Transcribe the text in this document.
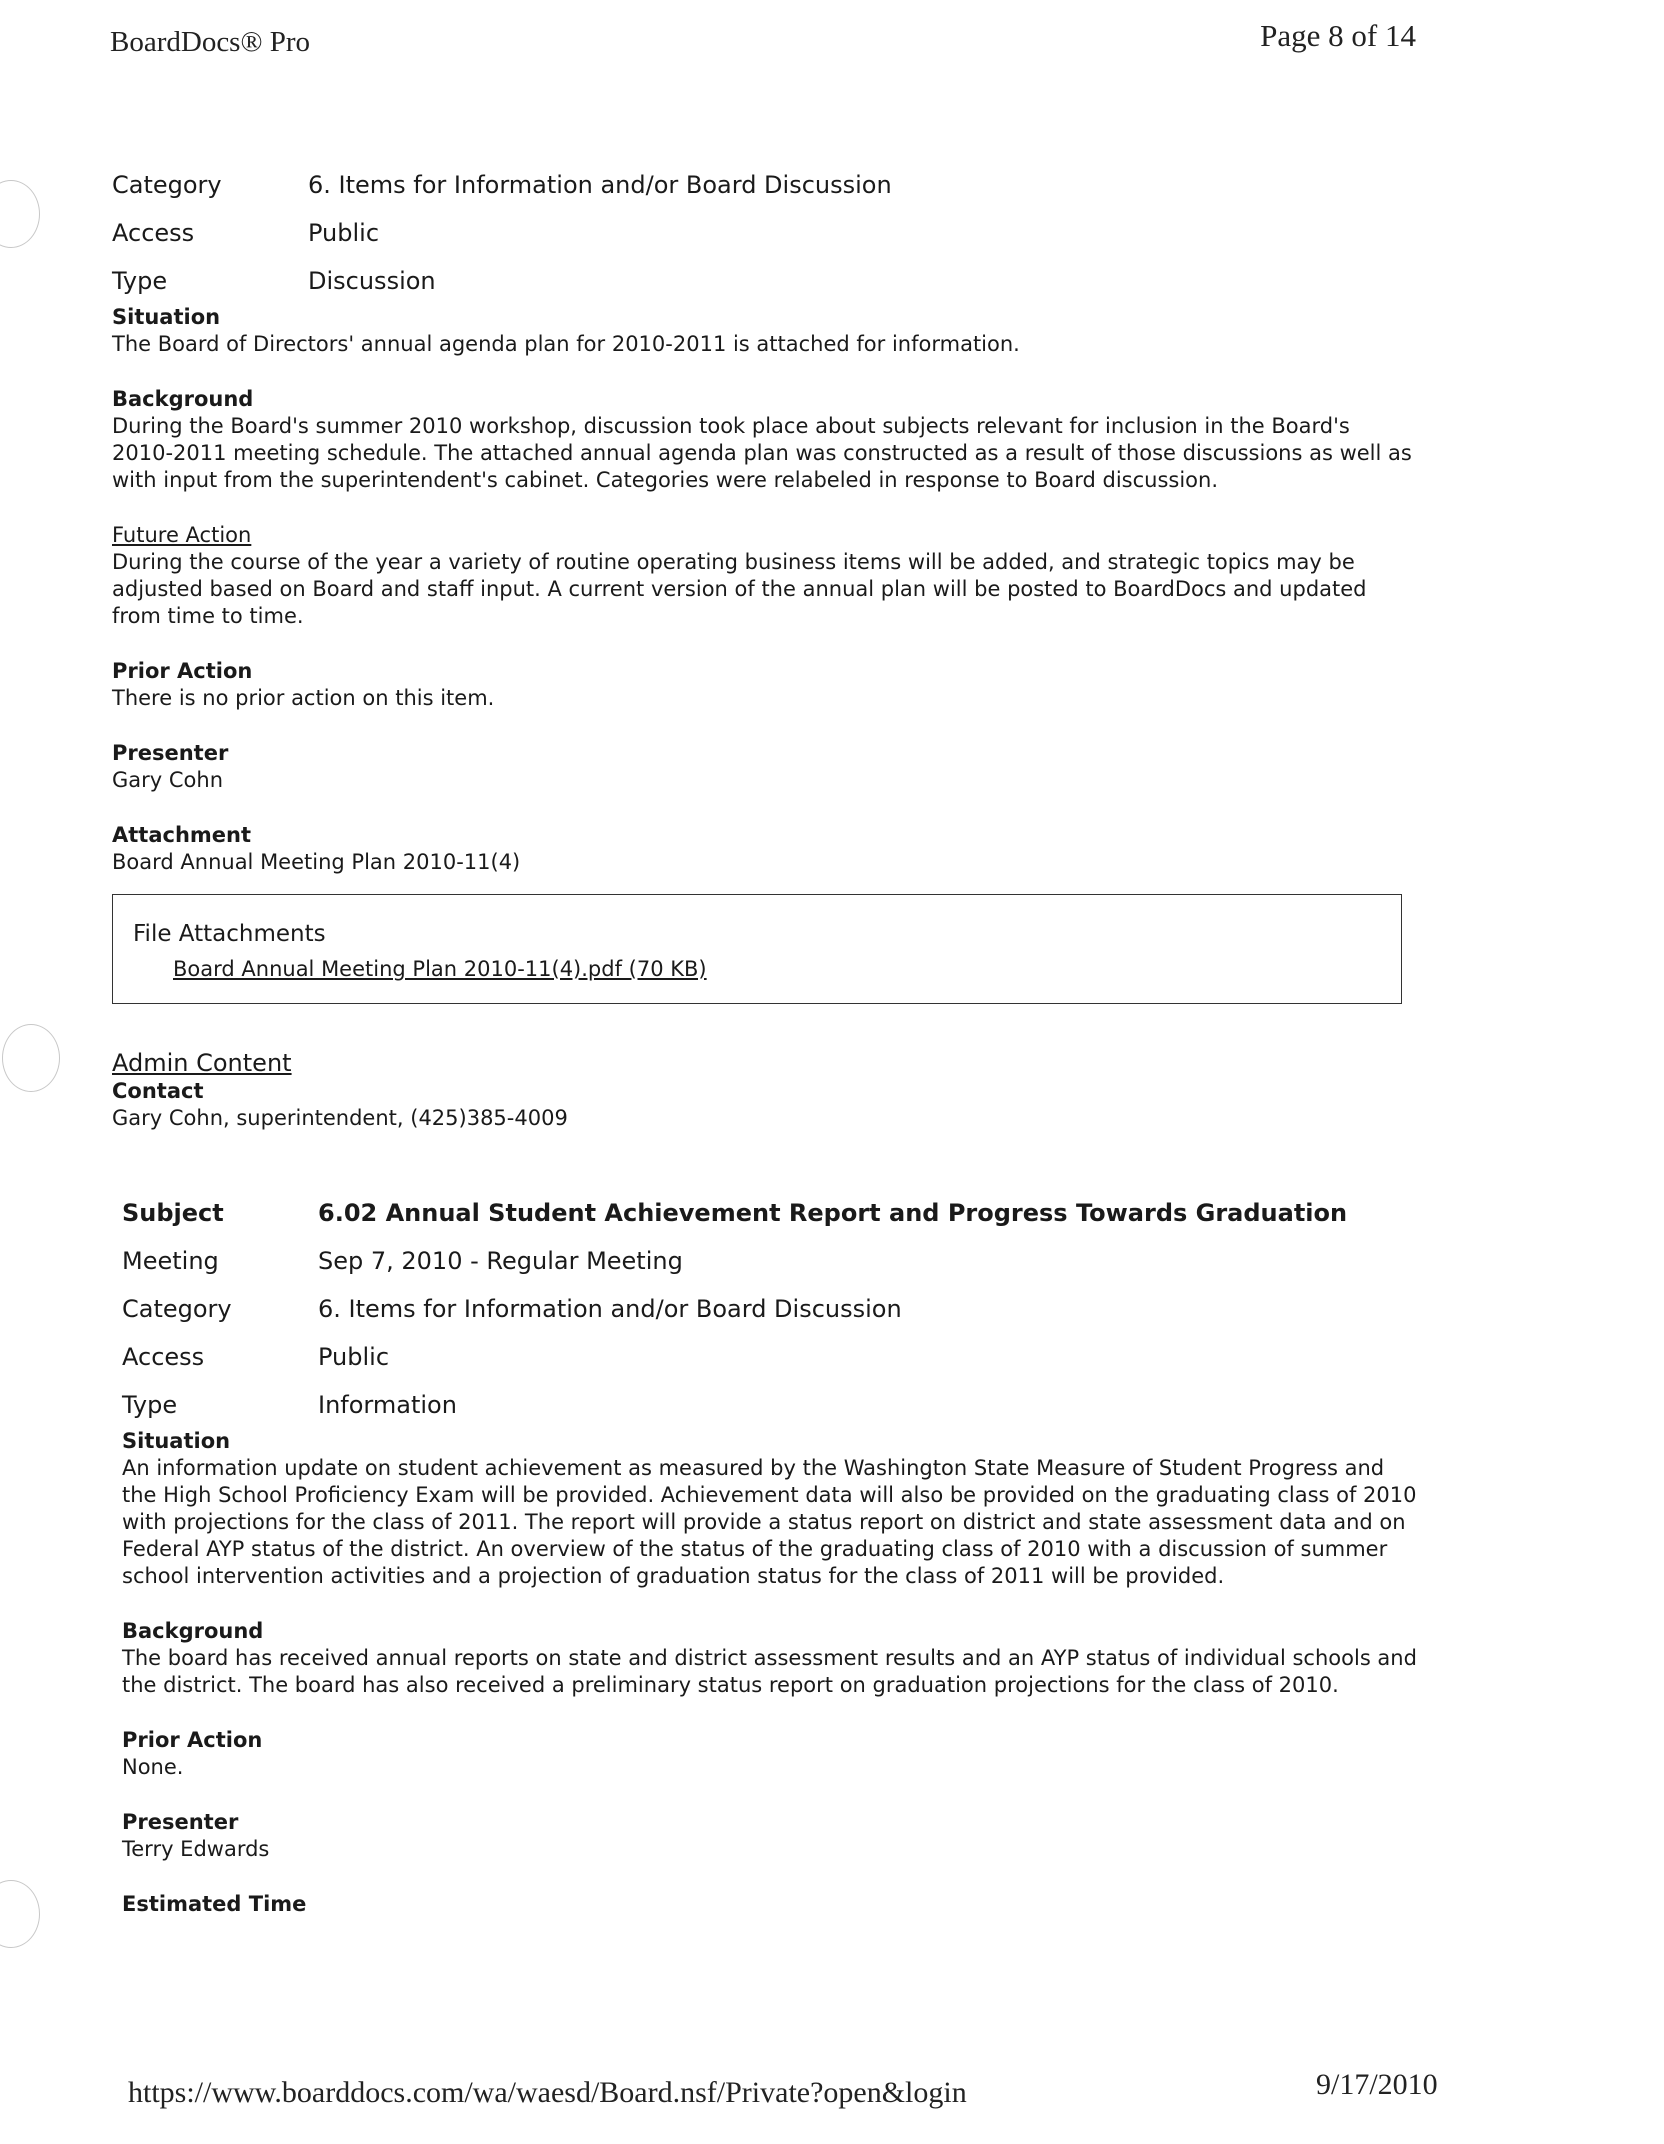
BoardDocs® Pro	Page 8 of 14
https://www.boarddocs.com/wa/waesd/Board.nsf/Private?open&login	9/17/2010
Category	6. Items for Information and/or Board Discussion
Access	Public
Type	Discussion
Situation
The Board of Directors' annual agenda plan for 2010-2011 is attached for information.
Background
During the Board's summer 2010 workshop, discussion took place about subjects relevant for inclusion in the Board's 2010-2011 meeting schedule. The attached annual agenda plan was constructed as a result of those discussions as well as with input from the superintendent's cabinet. Categories were relabeled in response to Board discussion.
Future Action
During the course of the year a variety of routine operating business items will be added, and strategic topics may be adjusted based on Board and staff input. A current version of the annual plan will be posted to BoardDocs and updated from time to time.
Prior Action
There is no prior action on this item.
Presenter
Gary Cohn
Attachment
Board Annual Meeting Plan 2010-11(4)
File Attachments
Board Annual Meeting Plan 2010-11(4).pdf (70 KB)
Admin Content
Contact
Gary Cohn, superintendent, (425)385-4009
Subject	6.02 Annual Student Achievement Report and Progress Towards Graduation
Meeting	Sep 7, 2010 - Regular Meeting
Category	6. Items for Information and/or Board Discussion
Access	Public
Type	Information
Situation
An information update on student achievement as measured by the Washington State Measure of Student Progress and the High School Proficiency Exam will be provided. Achievement data will also be provided on the graduating class of 2010 with projections for the class of 2011. The report will provide a status report on district and state assessment data and on Federal AYP status of the district. An overview of the status of the graduating class of 2010 with a discussion of summer school intervention activities and a projection of graduation status for the class of 2011 will be provided.
Background
The board has received annual reports on state and district assessment results and an AYP status of individual schools and the district. The board has also received a preliminary status report on graduation projections for the class of 2010.
Prior Action
None.
Presenter
Terry Edwards
Estimated Time
